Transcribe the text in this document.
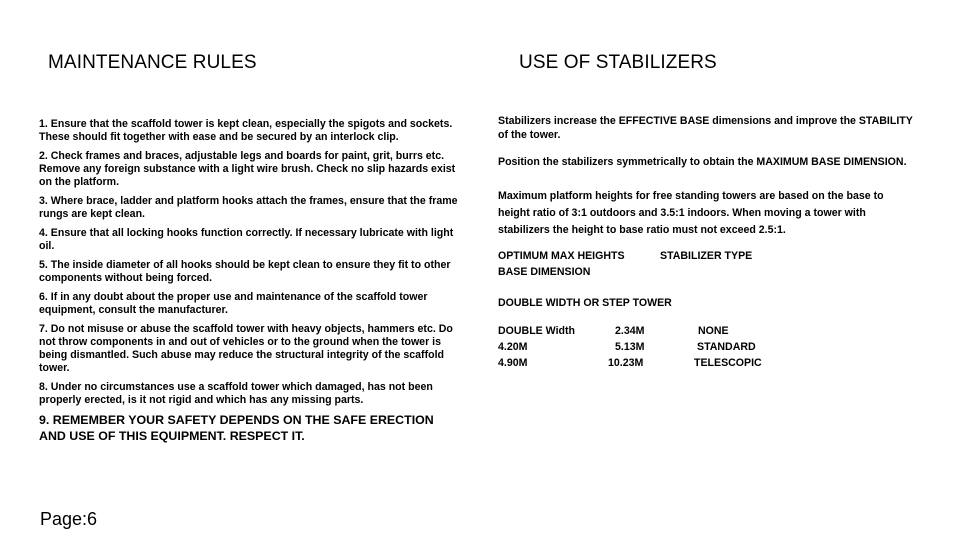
MAINTENANCE RULES	USE OF STABILIZERS

1. Ensure that the scaffold tower is kept clean, especially the spigots and sockets. These should fit together with ease and be secured by an interlock clip.

2. Check frames and braces, adjustable legs and boards for paint, grit, burrs etc. Remove any foreign substance with a light wire brush. Check no slip hazards exist on the platform.

3. Where brace, ladder and platform hooks attach the frames, ensure that the frame rungs are kept clean.

4. Ensure that all locking hooks function correctly. If necessary lubricate with light oil.

5. The inside diameter of all hooks should be kept clean to ensure they fit to other components without being forced.

6. If in any doubt about the proper use and maintenance of the scaffold tower equipment, consult the manufacturer.

7. Do not misuse or abuse the scaffold tower with heavy objects, hammers etc. Do not throw components in and out of vehicles or to the ground when the tower is being dismantled. Such abuse may reduce the structural integrity of the scaffold tower.

8. Under no circumstances use a scaffold tower which damaged, has not been properly erected, is it not rigid and which has any missing parts.

9. REMEMBER YOUR SAFETY DEPENDS ON THE SAFE ERECTION AND USE OF THIS EQUIPMENT. RESPECT IT.

Stabilizers increase the EFFECTIVE BASE dimensions and improve the STABILITY of the tower.

Position the stabilizers symmetrically to obtain the MAXIMUM BASE DIMENSION.

Maximum platform heights for free standing towers are based on the base to height ratio of 3:1 outdoors and 3.5:1 indoors. When moving a tower with stabilizers the height to base ratio must not exceed 2.5:1.

OPTIMUM MAX HEIGHTS	STABILIZER TYPE
BASE DIMENSION

DOUBLE WIDTH OR STEP TOWER

DOUBLE Width	2.34M	NONE
4.20M	5.13M	STANDARD
4.90M	10.23M	TELESCOPIC
Page:6
